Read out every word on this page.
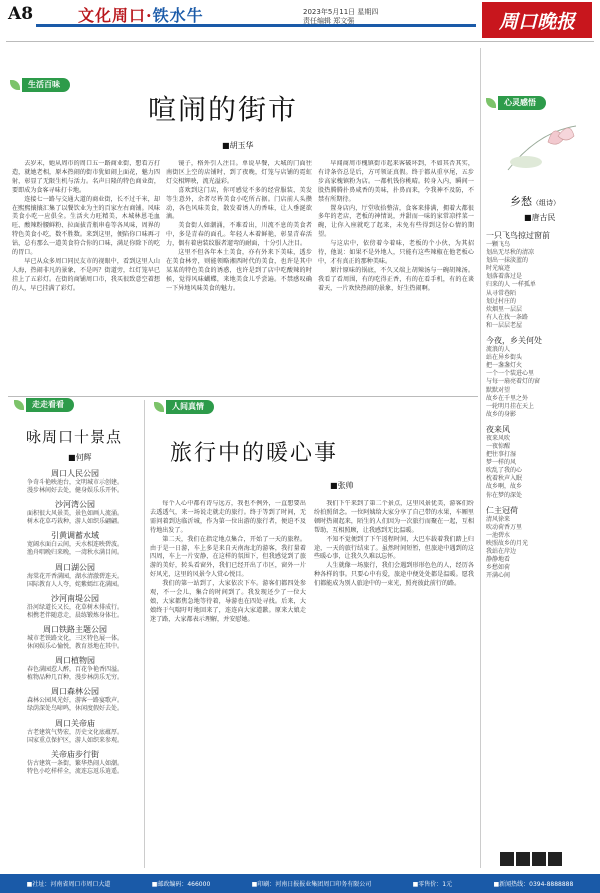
A8	文化周口·铁水牛	2023年5月11日 星期四
责任编辑 郑文强	周口晚报
生活百味
喧闹的街市
■胡玉华

去岁末，她从周市的周口五一路商业街，想看方打造，就她老相，原本热闹的街市犹如闹上面花，魅力四射，彰显了无限生机与活力。名声日隆的特色商业街，要即成为食客寻味打卡地。

连接七一路与交通大道的商业街，长不过千米，却在熙熙攘攘汇集了以餐饮业为主的百家左右商铺。风味美食小吃一应俱全。生活火力旺精美，木城林恩毛血旺、酸辣粉腰鲜粉、拉面拔青瓶串卷等各风味，周界的特色美食小吃，数不胜数。来到这里，便陷你口味再刁钻，总有那么一道美食符合你的口味，满足你除下的吃的胃口。

早已从众多周口同民友市的视眼中，看到这里人山人海，热闹非凡的景象，不是吗？街道旁，红灯笼早已挂上了五彩灯。在街的商铺周口市，我买很致意空着想的人，早已挂满了彩灯。

镜子，格外引人注目。单说早餐，大城的门面往南街区上空的店铺时，到了夜晚，灯笼与店铺的霓虹灯交相辉映，流光溢彩。

喜欢到这门店，你可感觉不多的经营服装、美发等生意外，余者尽皆美食小吃所占据。门店前人头攒动，各色风味美食，散发着诱人的香味，让人垂涎欲滴。

美食街人如潮涌，不难看出，川流不息的美食者中，多是青春的面孔。年轻人本着鲜艳，彰显青春活力，偶有着唐装纹服者遛弯的耐面，十分引人注目。

这里不但各年本土美食，亦有外来下美味，透步在美食林旁，则能领略湘西时代的美食，也许是其中某某的特色美食的诱惑，也许是到了店中吃酸辣的时候，觉得风味蝴蝶，来地美食儿乎尝遍。不禁感叹确一下异地风味美食的魅力。

早闻商周市槐镇街市起来客破坏到，不如其否其实，有诗条咨总是后，方可领证真假。终于都从重享尾，五步步高家槐镇粉为店。一都机钱你桃晴。转身入内，瞬间一股热腾腾扑鼻咸香的美味，扑鼻而来，令我神不及防，不禁有所期待。

置身店内，厅堂收拾整洁，食客来排满，拥着大都很多年的老店，老板的神情说，并甜而一味的家常凉拌菜一碗，让你入座就吃了起来，未免有些得到这份心情的期望。

与这店中，依傍着今着味，老板的个小伙，为其招待，他说：如果不是外地人，只能有这些辣椒在他老板心中，才有真正的那种美味。

原汁原味的锅底，不久又端上胡辣汤与一碗胡辣汤。我看了看周围，有的吃得正香，有的在看手机，有的在谈着天，一片欢快热闹的景象，好生热闹啊。

走走看看
咏周口十景点
■何辉
周口人民公园
争奇斗艳映池台，文明城市示创建。
漫步林间好去处，健身娱乐乐开怀。
沙河湾公园
面积很大风景美，景色如画人流涌。
树木花草巧栽种，游人如织乐翩翩。
引黄调蓄水域
宽阔水面白云间，天水相连映碧波。
渔舟唱晚归来晚，一湾秋水满目间。
周口湖公园
海棠花开香满园，湖水清澈碧连天。
国际教育人人夸，姹紫嫣红花满园。
沙河南堤公园
沿河绿道长又长，花草树木排成行。
相携老伴随意走，晨练锻炼身体壮。
周口铁路主题公园
城市老铁路文化，三区特色展一体。
休闲娱乐心愉悦，教育基地在其中。
周口植物园
春色满园惹人醉，百花争艳香四溢。
植物品种几百种，漫步林荫乐无穷。
周口森林公园
森林公园风光好，游客一路宴歌声。
绿荫深处鸟啼鸣，休闲度假好去处。
周口关帝庙
古老建筑气势宏，历史文化底蕴厚。
国家重点保护区，游人如织来参观。
关帝庙步行街
仿古建筑一条街，繁华热闹人如潮。
特色小吃样样全，流连忘返乐逍遥。
人间真情
旅行中的暖心事
■张帅

每个人心中都有诗与远方，我也不例外，一直想要出去透透气，来一场说走就走的旅行。终于等到了时间，无需问着到达临沂城，作为第一位出游的旅行者，便迫不及待地出发了。

第二天，我们在指定地点集合，开始了一天的旅程。由于是一日游，车上多是来自天南海北的游客，我打量着四周，车上一片安静，在这样的氛围下，但我感觉到了旅游的美好，转头看窗外，我们已经开出了市区，窗外一片好风光，这里的风景令人赏心悦目。

我们的第一站到了，大家依次下车。游客们都四处参观，不一会儿，集合的时间到了。我发现还少了一位大娘，大家都焦急地等待着，导游也在四处寻找。后来，大娘终于气喘吁吁地回来了，连连向大家道歉。原来大娘走迷了路，大家都表示理解，并安慰她。

我们下午来到了第二个景点，这里风景优美，游客们纷纷拍照留念。一位阿姨给大家分享了自己带的水果，车厢里顿时热闹起来，陌生的人们因为一次旅行而聚在一起，互相帮助，互相照顾，让我感到无比温暖。

不知不觉便到了下午返程时间，大巴车载着我们踏上归途，一天的旅行结束了。虽然时间短暂，但旅途中遇到的这些暖心事，让我久久难以忘怀。

人生就像一场旅行，我们会遇到形形色色的人，经历各种各样的事。只要心中有爱，旅途中便处处都是温暖。愿我们都能成为别人旅途中的一束光，照亮彼此前行的路。

心灵感悟
乡愁（组诗）
■唐古民
一只飞鸟掠过窗前
一颗飞鸟
划出无尽秋的清凉
划出一抹淡蓝的
时光痕迹
划落着落过是
归来的人 一样孤单
从寻常巷陌
划过村庄的
炊烟里一层层
有人在找一条路
和一层层老屋
今夜，乡关何处
流浪的人
站在异乡街头
把一盏盏灯火
一个一个装进心里
与每一扇亮着灯的窗
默默对望
故乡在千里之外
一轮明月挂在天上
故乡的身影
夜来风
夜来风吹
一夜惊醒
把往事打湿
梦一样的风
吹乱了我的心
枕着秋声入眠
故乡啊，故乡
你在梦的深处
仁主冠荷
清风徐来
吹动荷香万里
一池碧水
映照故乡的月光
我站在岸边
静静地看
乡愁如荷
开满心间
■社址：河南省周口市周口大道	■邮政编码：466000	■印刷：河南日报报业集团周口印务有限公司	■零售价：1元	■新闻热线：0394-8888888
